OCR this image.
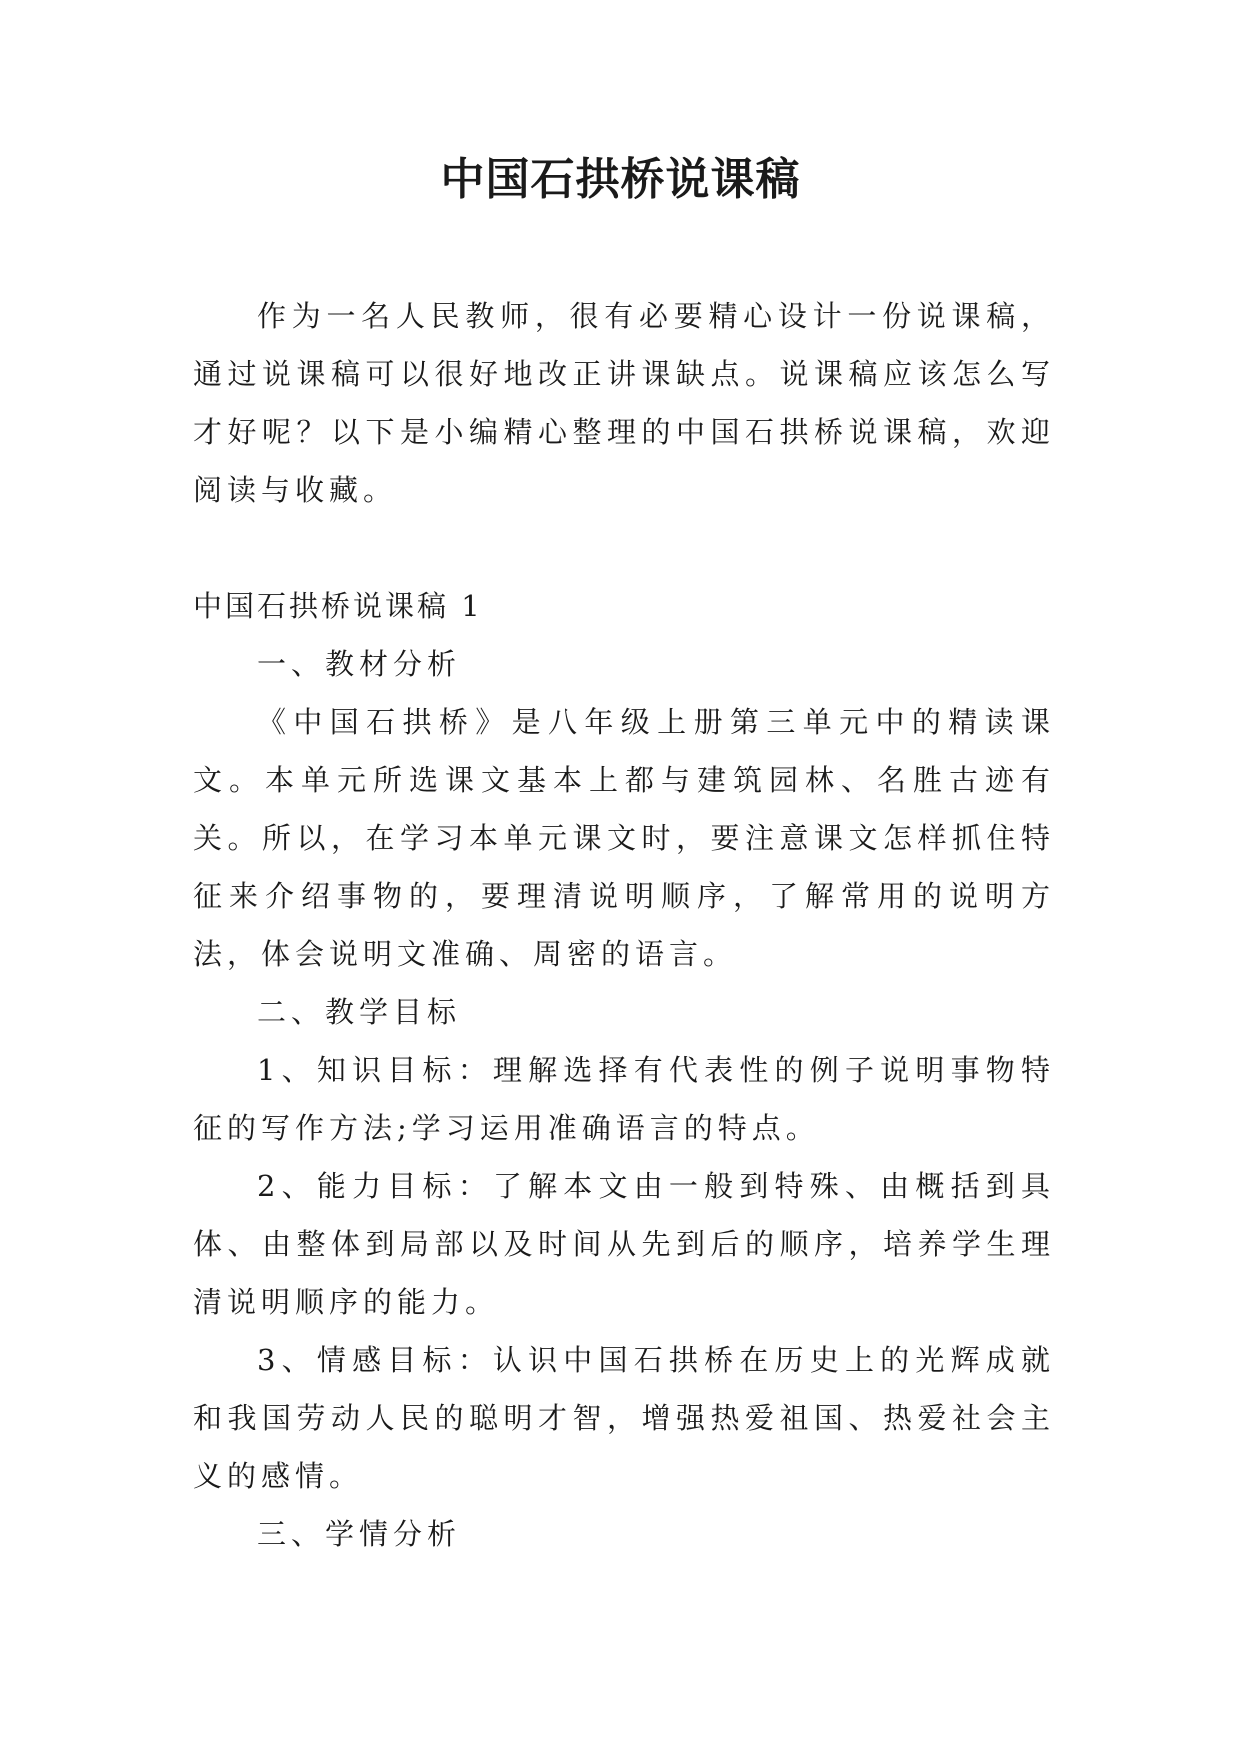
中国石拱桥说课稿

作为一名人民教师，很有必要精心设计一份说课稿，通过说课稿可以很好地改正讲课缺点。说课稿应该怎么写才好呢？以下是小编精心整理的中国石拱桥说课稿，欢迎阅读与收藏。

中国石拱桥说课稿 1

一、教材分析

《中国石拱桥》是八年级上册第三单元中的精读课文。本单元所选课文基本上都与建筑园林、名胜古迹有关。所以，在学习本单元课文时，要注意课文怎样抓住特征来介绍事物的，要理清说明顺序，了解常用的说明方法，体会说明文准确、周密的语言。

二、教学目标

1、知识目标：理解选择有代表性的例子说明事物特征的写作方法;学习运用准确语言的特点。

2、能力目标：了解本文由一般到特殊、由概括到具体、由整体到局部以及时间从先到后的顺序，培养学生理清说明顺序的能力。

3、情感目标：认识中国石拱桥在历史上的光辉成就和我国劳动人民的聪明才智，增强热爱祖国、热爱社会主义的感情。

三、学情分析
